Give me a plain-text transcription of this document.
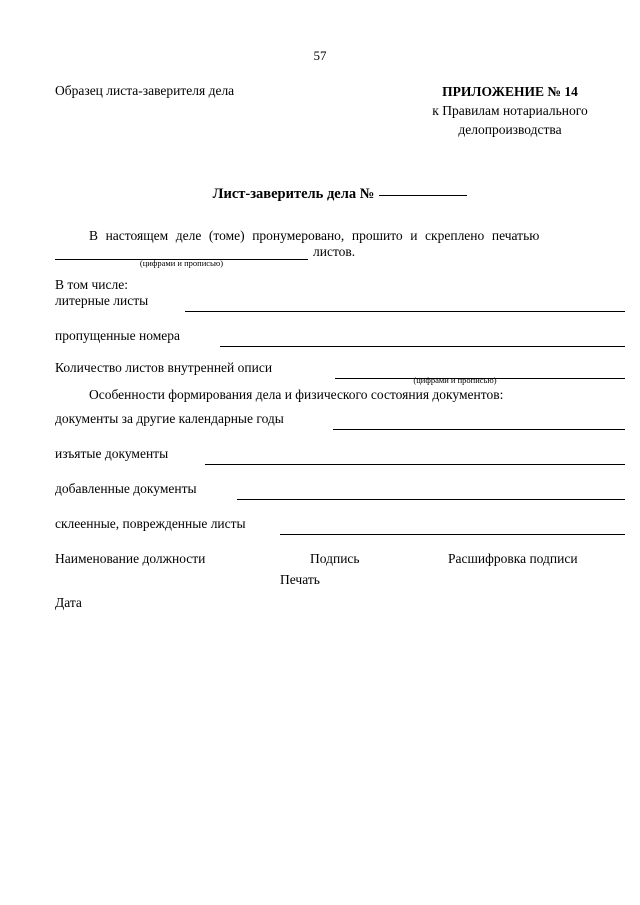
57
Образец листа-заверителя дела	ПРИЛОЖЕНИЕ № 14
к Правилам нотариального
делопроизводства
Лист-заверитель дела №
В настоящем деле (томе) пронумеровано, прошито и скреплено печатью
листов.
(цифрами и прописью)
В том числе:
литерные листы
пропущенные номера
Количество листов внутренней описи
(цифрами и прописью)
Особенности формирования дела и физического состояния документов:
документы за другие календарные годы
изъятые документы
добавленные документы
склеенные, поврежденные листы
Наименование должности	Подпись	Расшифровка подписи
Печать
Дата
